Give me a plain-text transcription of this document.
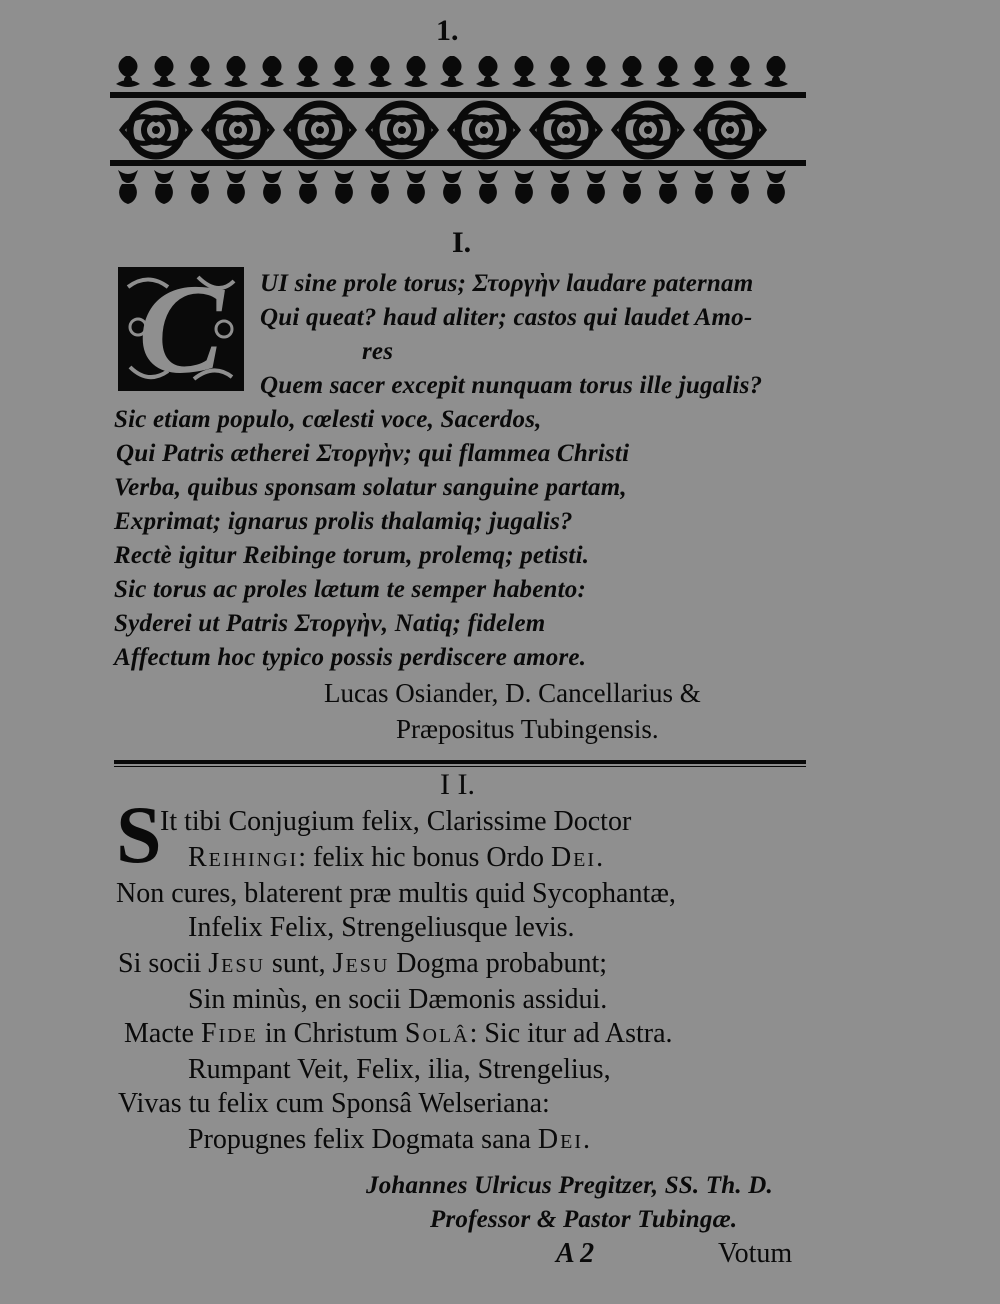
1.
I.
C	UI sine prole torus; Στοργὴν laudare paternam
Qui queat? haud aliter; castos qui laudet Amo-
res
Quem sacer excepit nunquam torus ille jugalis?
Sic etiam populo, cœlesti voce, Sacerdos,
Qui Patris ætherei Στοργὴν; qui flammea Christi
Verba, quibus sponsam solatur sanguine partam,
Exprimat; ignarus prolis thalamiq; jugalis?
Rectè igitur Reibinge torum, prolemq; petisti.
Sic torus ac proles lætum te semper habento:
Syderei ut Patris Στοργὴν, Natiq; fidelem
Affectum hoc typico possis perdiscere amore.
Lucas Osiander, D. Cancellarius &
Præpositus Tubingensis.
I I.
S
It tibi Conjugium felix, Clarissime Doctor
Reihingi: felix hic bonus Ordo Dei.
Non cures, blaterent præ multis quid Sycophantæ,
Infelix Felix, Strengeliusque levis.
Si socii Jesu sunt, Jesu Dogma probabunt;
Sin minùs, en socii Dæmonis assidui.
Macte Fide in Christum Solâ: Sic itur ad Astra.
Rumpant Veit, Felix, ilia, Strengelius,
Vivas tu felix cum Sponsâ Welseriana:
Propugnes felix Dogmata sana Dei.
Johannes Ulricus Pregitzer, SS. Th. D.
Professor & Pastor Tubingæ.
A 2	Votum
